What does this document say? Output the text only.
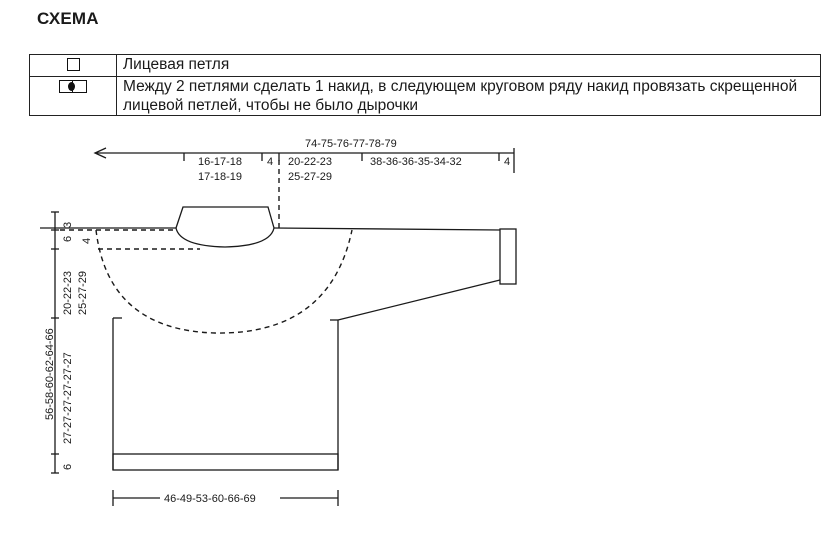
СХЕМА
	Лицевая петля

	Между 2 петлями сделать 1 накид, в следующем круговом ряду накид провязать скрещенной лицевой петлей, чтобы не было дырочки
74-75-76-77-78-79
16-17-18
17-18-19
4 20-22-23
25-27-29
38-36-36-35-34-32	4
3
6 4
20-22-23 25-27-29
56-58-60-62-64-66 27-27-27-27-27-27
6
46-49-53-60-66-69
